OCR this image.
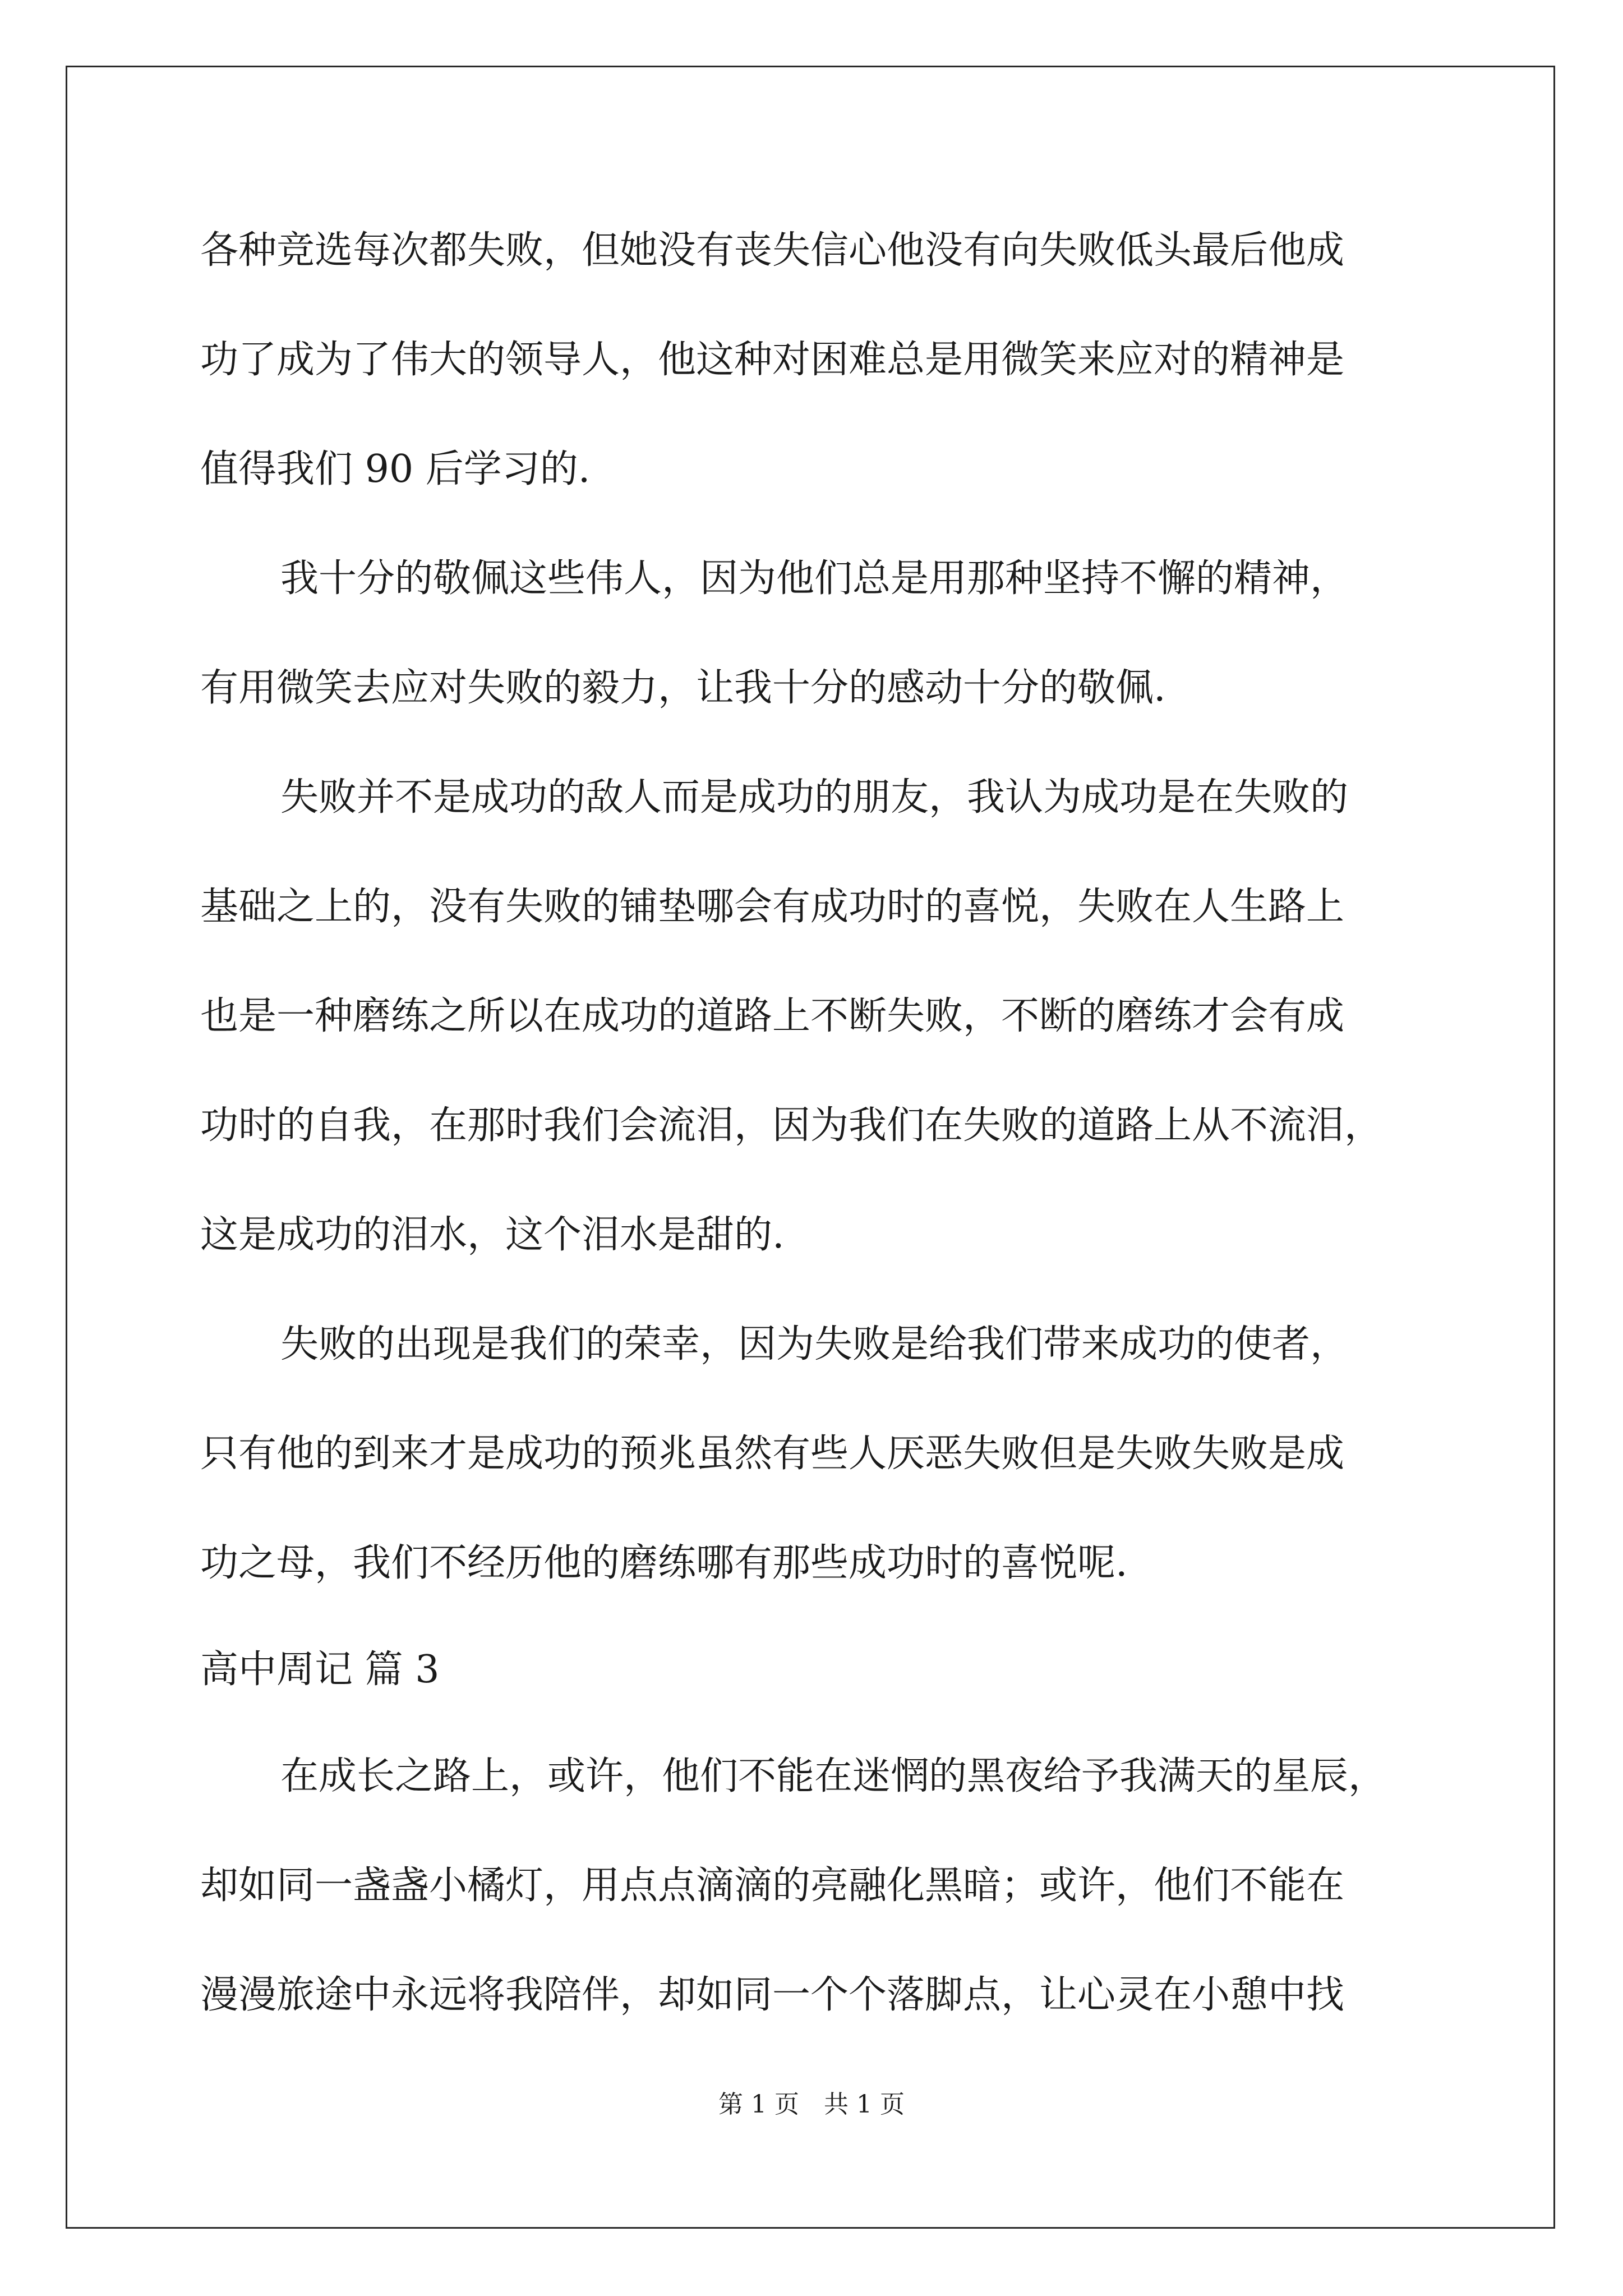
各种竞选每次都失败，但她没有丧失信心他没有向失败低头最后他成
功了成为了伟大的领导人，他这种对困难总是用微笑来应对的精神是
值得我们 90 后学习的.
我十分的敬佩这些伟人，因为他们总是用那种坚持不懈的精神，
有用微笑去应对失败的毅力，让我十分的感动十分的敬佩.
失败并不是成功的敌人而是成功的朋友，我认为成功是在失败的
基础之上的，没有失败的铺垫哪会有成功时的喜悦，失败在人生路上
也是一种磨练之所以在成功的道路上不断失败，不断的磨练才会有成
功时的自我，在那时我们会流泪，因为我们在失败的道路上从不流泪，
这是成功的泪水，这个泪水是甜的.
失败的出现是我们的荣幸，因为失败是给我们带来成功的使者，
只有他的到来才是成功的预兆虽然有些人厌恶失败但是失败失败是成
功之母，我们不经历他的磨练哪有那些成功时的喜悦呢.
高中周记 篇 3
在成长之路上，或许，他们不能在迷惘的黑夜给予我满天的星辰，
却如同一盏盏小橘灯，用点点滴滴的亮融化黑暗；或许，他们不能在
漫漫旅途中永远将我陪伴，却如同一个个落脚点，让心灵在小憩中找
第 1 页　共 1 页
